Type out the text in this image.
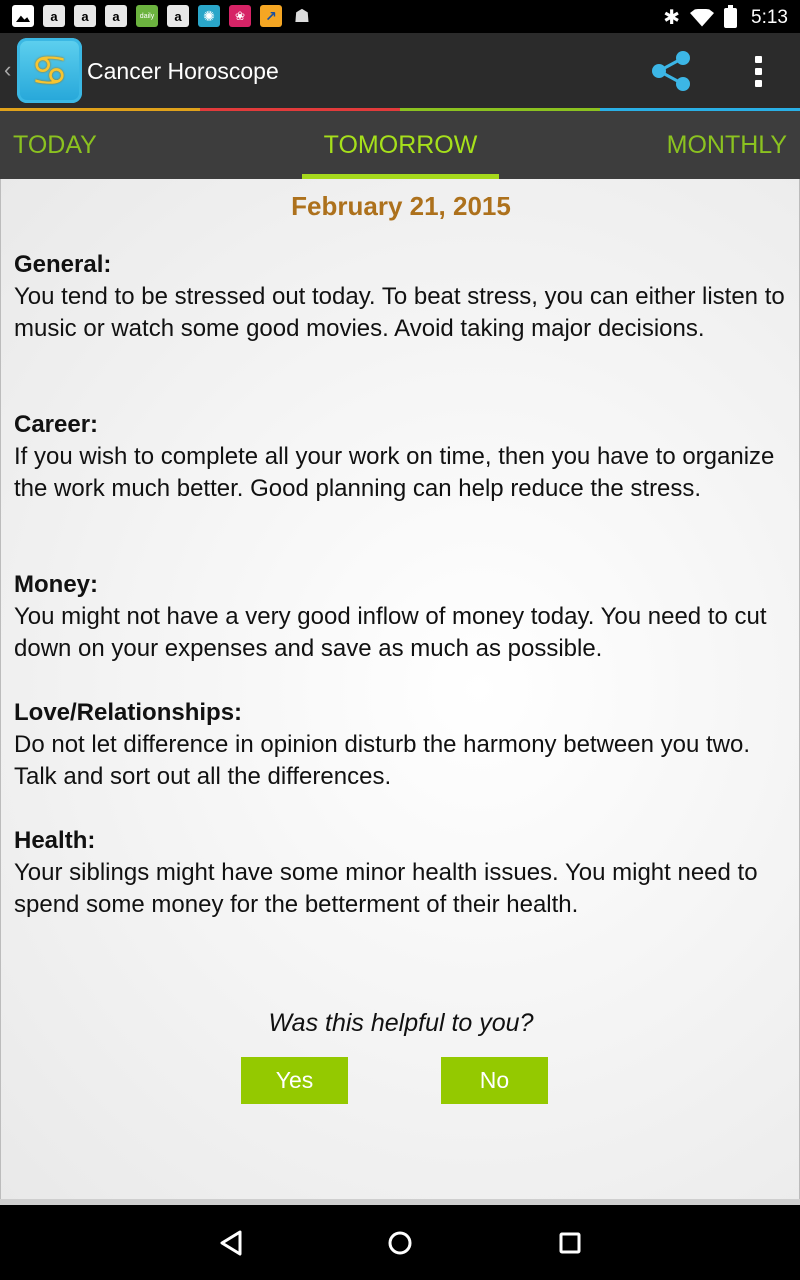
a	a	a	daily	a	✺	❀	↗ ☗	✱	5:13
‹ ♋ Cancer Horoscope
TODAY	TOMORROW	MONTHLY
February 21, 2015
General:
You tend to be stressed out today. To beat stress, you can either listen to music or watch some good movies. Avoid taking major decisions.
Career:
If you wish to complete all your work on time, then you have to organize the work much better. Good planning can help reduce the stress.
Money:
You might not have a very good inflow of money today. You need to cut down on your expenses and save as much as possible.
Love/Relationships:
Do not let difference in opinion disturb the harmony between you two. Talk and sort out all the differences.
Health:
Your siblings might have some minor health issues. You might need to spend some money for the betterment of their health.
Was this helpful to you?
Yes	No
